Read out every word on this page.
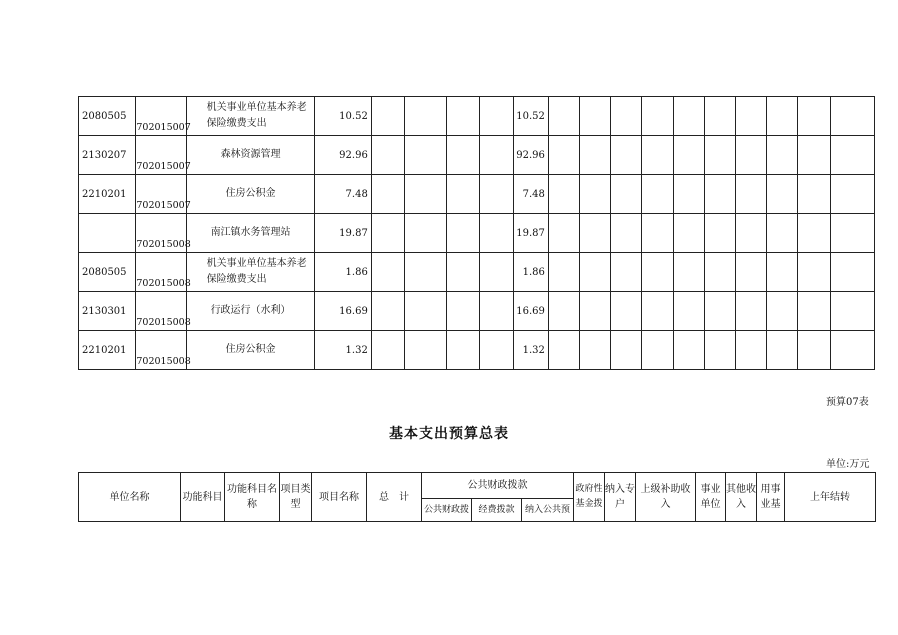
2080505	702015007	机关事业单位基本养老保险缴费支出	10.52					10.52										
2130207	702015007	森林资源管理	92.96					92.96										
2210201	702015007	住房公积金	7.48					7.48										
	702015008	南江镇水务管理站	19.87					19.87										
2080505	702015008	机关事业单位基本养老保险缴费支出	1.86					1.86										
2130301	702015008	行政运行（水利）	16.69					16.69										
2210201	702015008	住房公积金	1.32					1.32										
预算07表
基本支出预算总表
单位:万元
单位名称	功能科目	功能科目名称	项目类型	项目名称	总　计	公共财政拨款			政府性基金拨	纳入专户	上级补助收入	事业单位	其他收入	用事业基	上年结转
						公共财政拨	经费拨款	纳入公共预							
